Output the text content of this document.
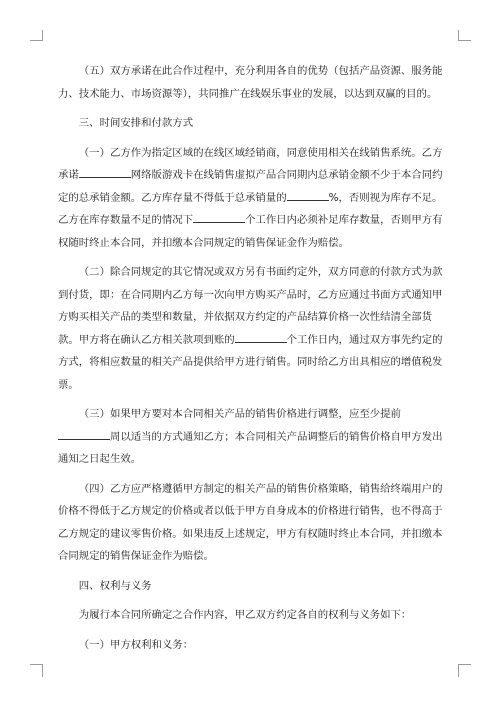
（五）双方承诺在此合作过程中，充分利用各自的优势（包括产品资源、服务能力、技术能力、市场资源等），共同推广在线娱乐事业的发展，以达到双赢的目的。

三、时间安排和付款方式

（一）乙方作为指定区域的在线区域经销商，同意使用相关在线销售系统。乙方承诺	网络版游戏卡在线销售虚拟产品合同期内总承销金额不少于本合同约定的总承销金额。乙方库存量不得低于总承销量的	%，否则视为库存不足。乙方在库存数量不足的情况下	个工作日内必须补足库存数量，否则甲方有权随时终止本合同，并扣缴本合同规定的销售保证金作为赔偿。

（二）除合同规定的其它情况或双方另有书面约定外，双方同意的付款方式为款到付货，即：在合同期内乙方每一次向甲方购买产品时，乙方应通过书面方式通知甲方购买相关产品的类型和数量，并依据双方约定的产品结算价格一次性结清全部货款。甲方将在确认乙方相关款项到账的	个工作日内，通过双方事先约定的方式，将相应数量的相关产品提供给甲方进行销售。同时给乙方出具相应的增值税发票。

（三）如果甲方要对本合同相关产品的销售价格进行调整，应至少提前周以适当的方式通知乙方；本合同相关产品调整后的销售价格自甲方发出通知之日起生效。

（四）乙方应严格遵循甲方制定的相关产品的销售价格策略，销售给终端用户的价格不得低于乙方规定的价格或者以低于甲方自身成本的价格进行销售，也不得高于乙方规定的建议零售价格。如果违反上述规定，甲方有权随时终止本合同，并扣缴本合同规定的销售保证金作为赔偿。

四、权利与义务

为履行本合同所确定之合作内容，甲乙双方约定各自的权利与义务如下：

（一）甲方权利和义务：
